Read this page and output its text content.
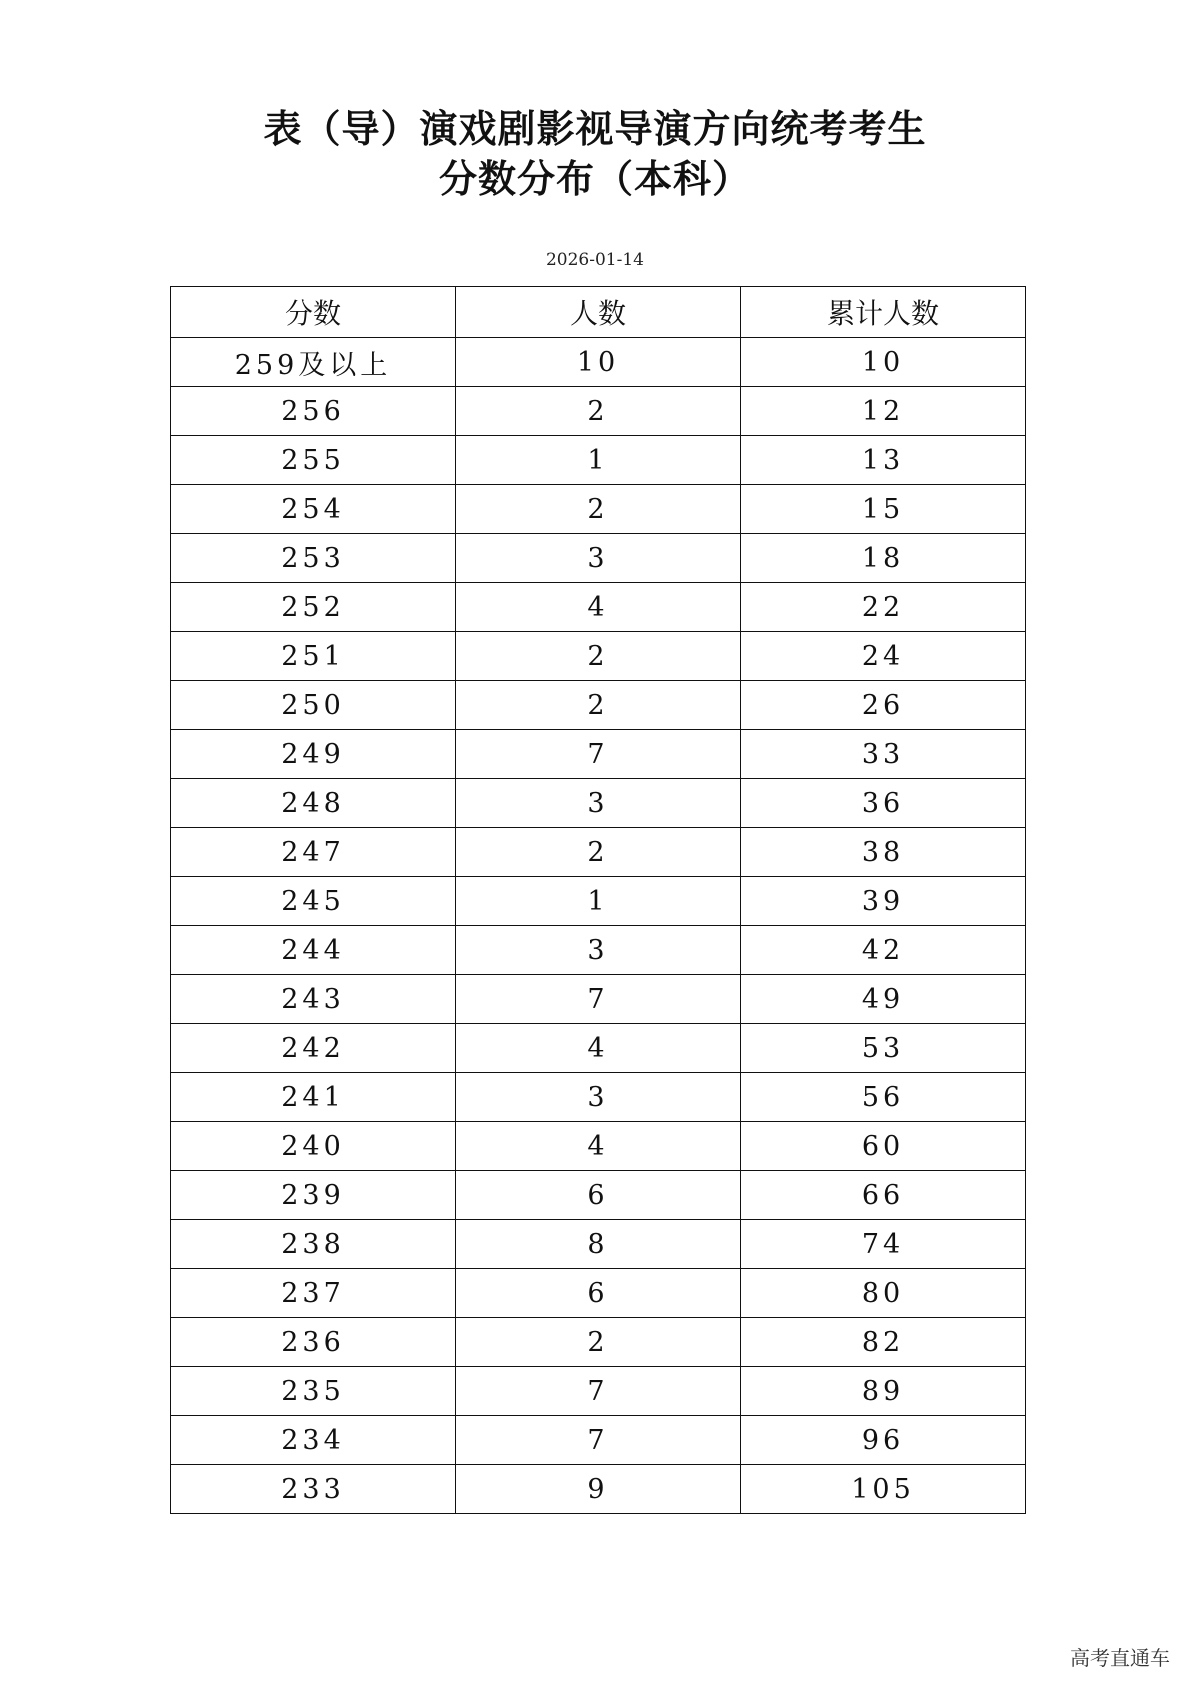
表（导）演戏剧影视导演方向统考考生
分数分布（本科）
2026-01-14
分数	人数	累计人数
259及以上	10	10
256	2	12
255	1	13
254	2	15
253	3	18
252	4	22
251	2	24
250	2	26
249	7	33
248	3	36
247	2	38
245	1	39
244	3	42
243	7	49
242	4	53
241	3	56
240	4	60
239	6	66
238	8	74
237	6	80
236	2	82
235	7	89
234	7	96
233	9	105
高考直通车
